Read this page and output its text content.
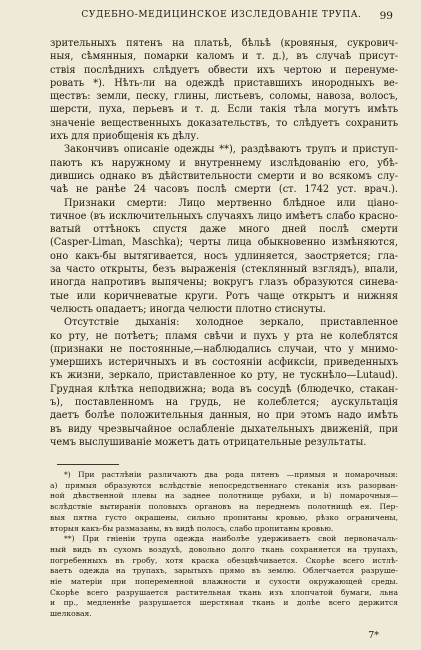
СУДЕБНО-МЕДИЦИНСКОЕ ИЗСЛЕДОВАНІЕ ТРУПА.	99
зрительныхъ пятенъ на платьѣ, бѣльѣ (кровяныя, сукрович-
ныя, сѣмянныя, помарки каломъ и т. д.), въ случаѣ присут-
ствія послѣднихъ слѣдуетъ обвести ихъ чертою и перенуме-
ровать *). Нѣть-ли на одеждѣ приставшихъ инородныхъ ве-
ществъ: земли, песку, глины, листьевъ, соломы, навоза, волосъ,
шерсти, пуха, перьевъ и т. д. Если такія тѣла могутъ имѣть
значеніе вещественныхъ доказательствъ, то слѣдуетъ сохранить
ихъ для приобщенія къ дѣлу.
Закончивъ описаніе одежды **), раздѣваютъ трупъ и приступ-
паютъ къ наружному и внутреннему изслѣдованію его, убѣ-
дившись однако въ дѣйствительности смерти и во всякомъ слу-
чаѣ не ранѣе 24 часовъ послѣ смерти (ст. 1742 уст. врач.).
Признаки смерти: Лицо мертвенно блѣдное или ціано-
тичное (въ исключительныхъ случаяхъ лицо имѣетъ слабо красно-
ватый оттѣнокъ спустя даже много дней послѣ смерти
(Casper-Liman, Maschka); черты лица обыкновенно измѣняются,
оно какъ-бы вытягивается, носъ удлиняется, заостряется; гла-
за часто открыты, безъ выраженія (стеклянный взглядъ), впали,
иногда напротивъ выпячены; вокругъ глазъ образуются синева-
тые или коричневатые круги. Ротъ чаще открытъ и нижняя
челюсть опадаетъ; иногда челюсти плотно стиснуты.
Отсутствіе дыханія: холодное зеркало, приставленное
ко рту, не потѣетъ; пламя свѣчи и пухъ у рта не колеблятся
(признаки не постоянные,—наблюдались случаи, что у мнимо-
умершихъ истеричныхъ и въ состояніи асфиксіи, приведенныхъ
къ жизни, зеркало, приставленное ко рту, не тускнѣло—Lutaud).
Грудная клѣтка неподвижна; вода въ сосудѣ (блюдечко, стакан-
ъ), поставленномъ на грудь, не колеблется; аускультація
даетъ болѣе положительныя данныя, но при этомъ надо имѣть
въ виду чрезвычайное ослабленіе дыхательныхъ движеній, при
чемъ выслушиваніе можетъ дать отрицательные результаты.
*) При растлѣніи различаютъ два рода пятенъ —прямыя и помарочныя:
а) прямыя образуются вслѣдствіе непосредственнаго стеканія изъ разорван-
ной дѣвственной плевы на заднее полотнище рубахи, и b) помарочныя—
вслѣдствіе вытиранія половыхъ органовъ на переднемъ полотнищѣ ея. Пер-
выя пятна густо окрашены, сильно пропитаны кровью, рѣзко ограничены,
вторыя какъ-бы размазаны, въ видѣ полосъ, слабо пропитаны кровью.
**) При гніеніи трупа одежда наиболѣе удерживаетъ свой первоначаль-
ный видъ въ сухомъ воздухѣ, довольно долго ткань сохраняется на трупахъ,
погребенныхъ въ гробу, хотя краска обезцвѣчивается. Скорѣе всего истлѣ-
ваетъ одежда на трупахъ, зарытыхъ прямо въ землю. Облегчается разруше-
ніе матеріи при попеременной влажности и сухости окружающей среды.
Скорѣе всего разрушается растительная ткань изъ хлопчатой бумаги, льна
и пр., медленнѣе разрушается шерстяная ткань и долѣе всего держится
шелковая.
7*
